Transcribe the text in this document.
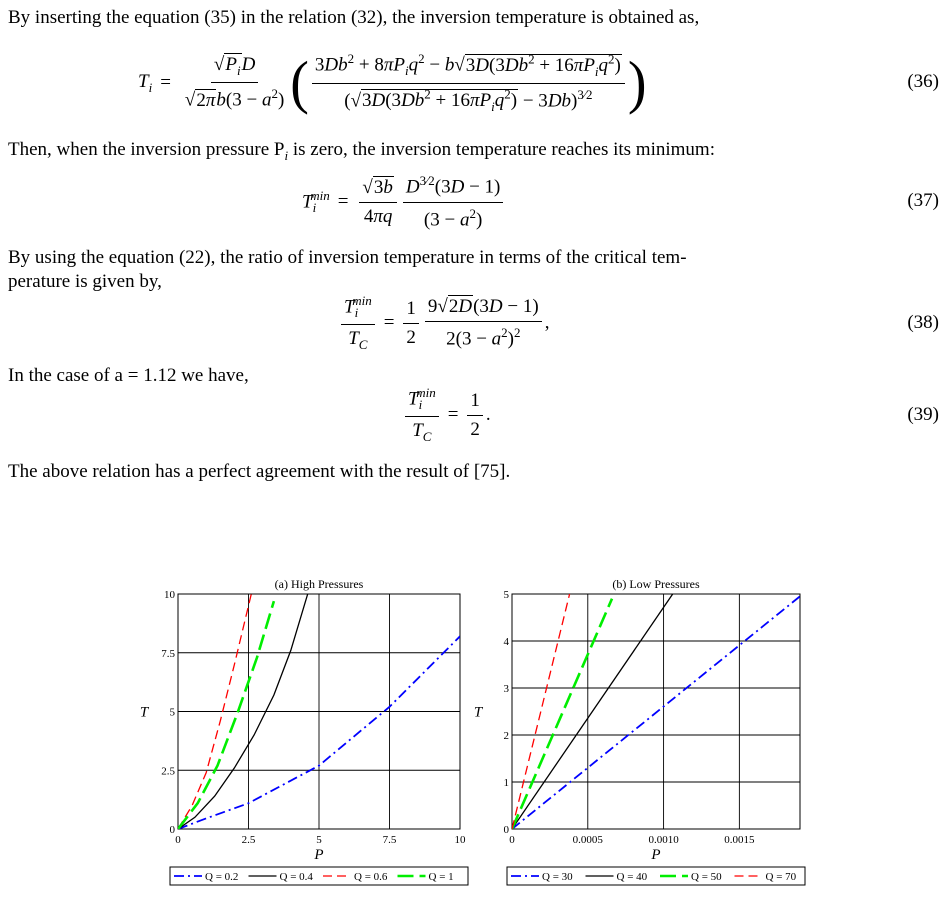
By inserting the equation (35) in the relation (32), the inversion temperature is obtained as,
$T_i = \frac{√P_iD}{√2\pi b(3 - a^2)}$ ( $\frac{3Db^2 + 8\pi P_iq^2 - b√3D(3Db^2 + 16\pi P_iq^2)}{(√3D(3Db^2 + 16\pi P_iq^2) - 3Db)^{3⁄2}}$ )	(36)
Then, when the inversion pressure $P_i$ is zero, the inversion temperature reaches its minimum:
$T_i^{min} = \frac{√3b}{4\pi q} \frac{D^{3⁄2}(3D - 1)}{(3 - a^2)}$	(37)
By using the equation (22), the ratio of inversion temperature in terms of the critical tem-
perature is given by,
$\frac{T_i^{min}}{T_C} = \frac{1}{2} \frac{9√2D(3D - 1)}{2(3 - a^2)^2}$ ,	(38)
In the case of a = 1.12 we have,
$\frac{T_i^{min}}{T_C} = \frac{1}{2}$ .	(39)
The above relation has a perfect agreement with the result of [75].
(a) High Pressures
0	2.5	5	7.5	10
0
2.5
5
7.5
10
P
T
Q = 0.2	Q = 0.4	Q = 0.6	Q = 1
(b) Low Pressures
0	0.0005	0.0010	0.0015
0
1
2
3
4
5
P
T
Q = 30	Q = 40	Q = 50	Q = 70
